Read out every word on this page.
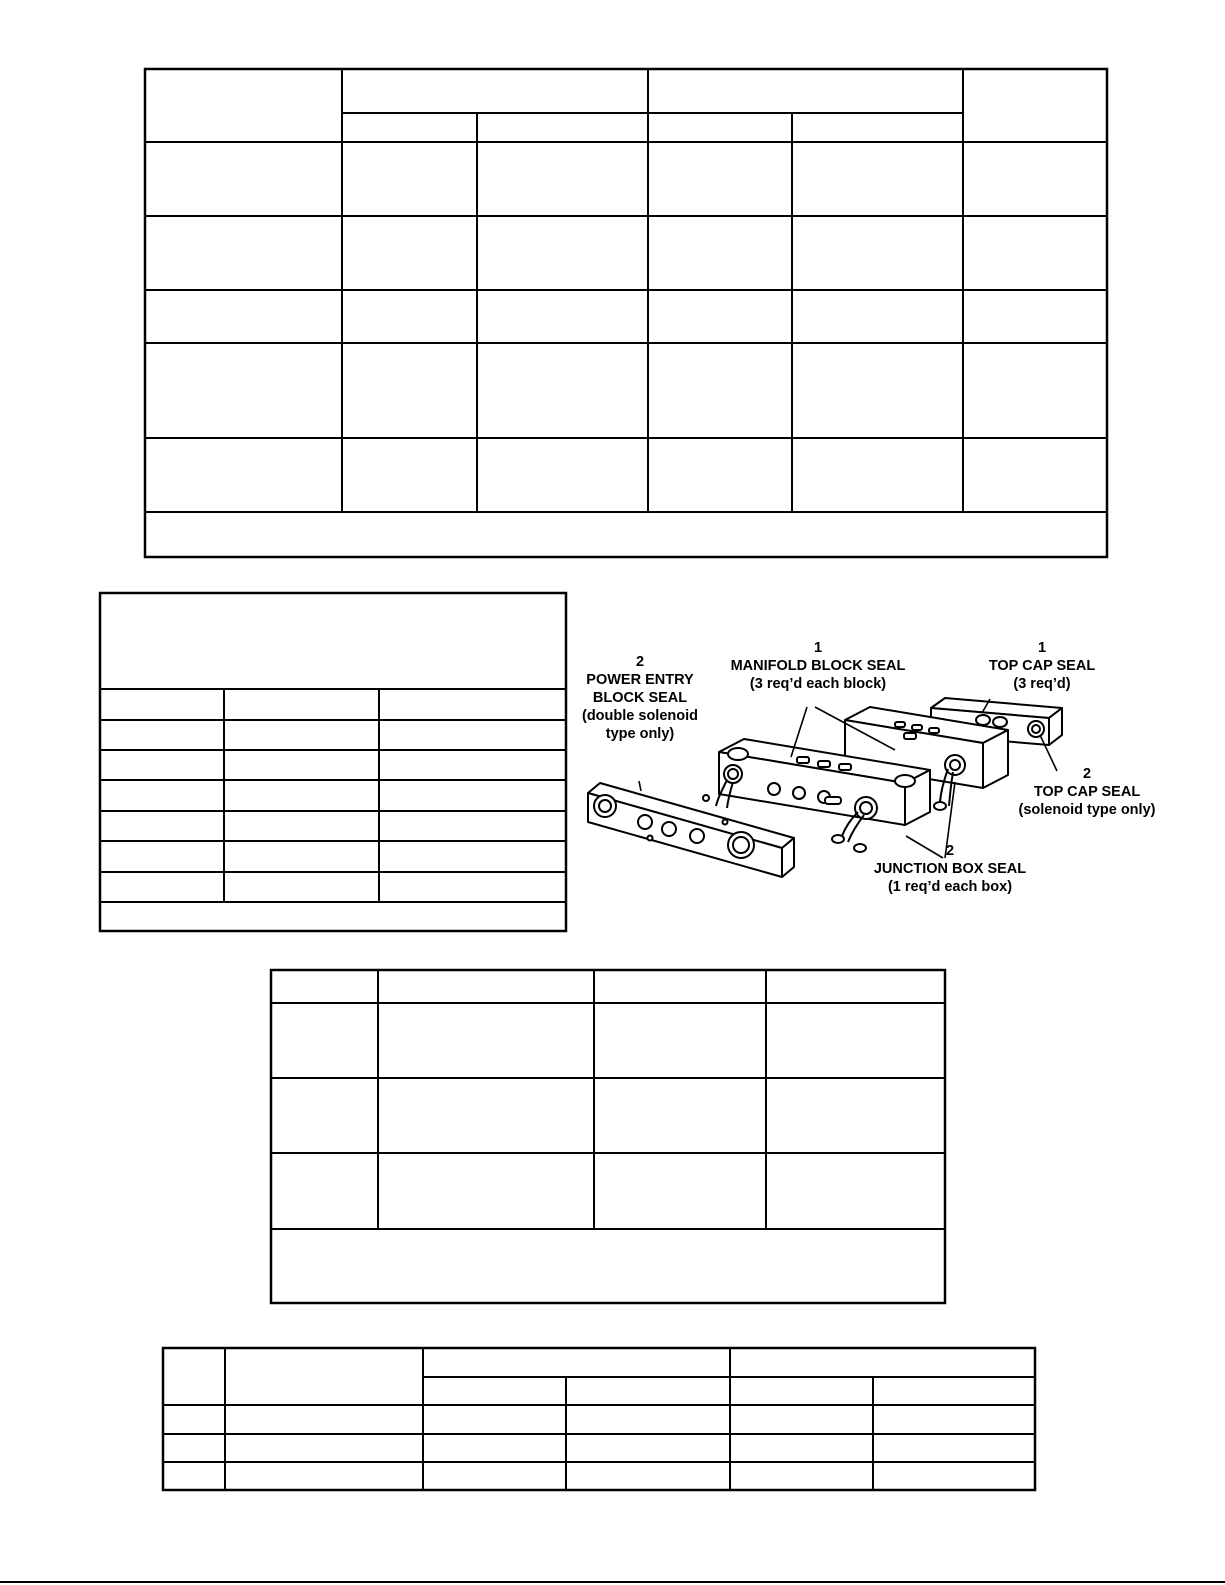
1
MANIFOLD BLOCK SEAL
(3 req’d each block)
1
TOP CAP SEAL
(3 req’d)
2
POWER ENTRY
BLOCK SEAL
(double solenoid
type only)
2
TOP CAP SEAL
(solenoid type only)
2
JUNCTION BOX SEAL
(1 req’d each box)
